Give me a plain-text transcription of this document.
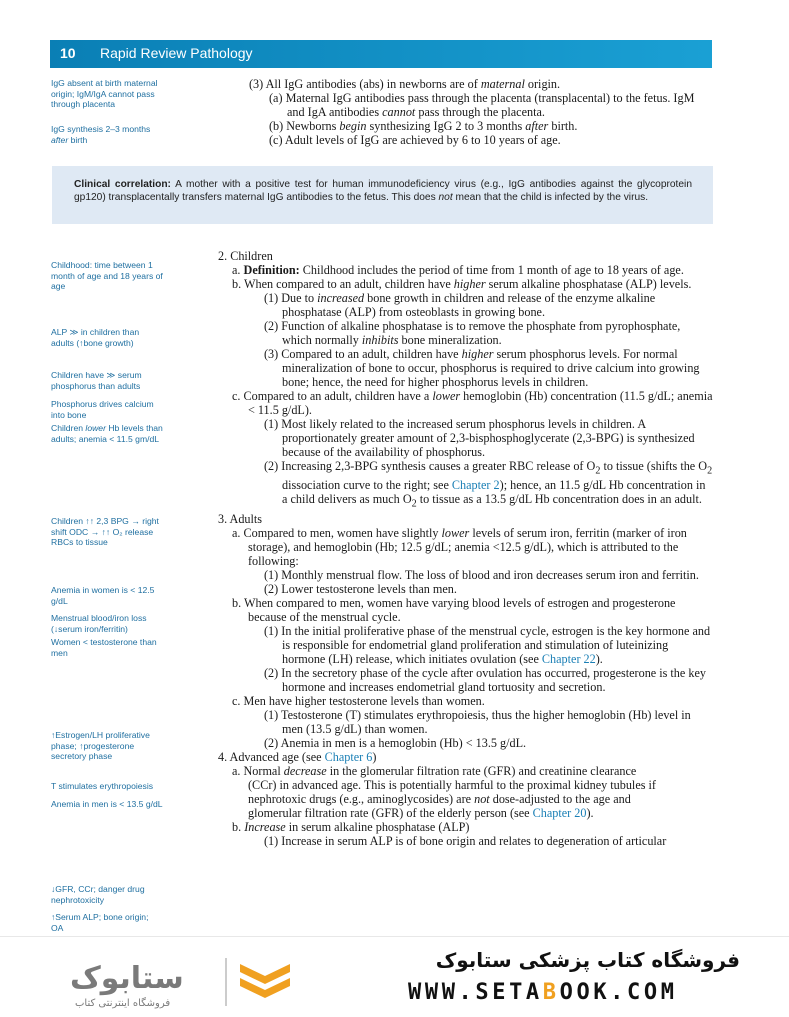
10 Rapid Review Pathology
IgG absent at birth maternal origin; IgM/IgA cannot pass through placenta
IgG synthesis 2–3 months after birth
Childhood: time between 1 month of age and 18 years of age
ALP ≫ in children than adults (↑bone growth)
Children have ≫ serum phosphorus than adults
Phosphorus drives calcium into bone
Children lower Hb levels than adults; anemia < 11.5 gm/dL
Children ↑↑ 2,3 BPG → right shift ODC → ↑↑ O₂ release RBCs to tissue
Anemia in women is < 12.5 g/dL
Menstrual blood/iron loss (↓serum iron/ferritin)
Women < testosterone than men
↑Estrogen/LH proliferative phase; ↑progesterone secretory phase
T stimulates erythropoiesis
Anemia in men is < 13.5 g/dL
↓GFR, CCr; danger drug nephrotoxicity
↑Serum ALP; bone origin; OA
(3) All IgG antibodies (abs) in newborns are of maternal origin.
(a) Maternal IgG antibodies pass through the placenta (transplacental) to the fetus. IgM and IgA antibodies cannot pass through the placenta.
(b) Newborns begin synthesizing IgG 2 to 3 months after birth.
(c) Adult levels of IgG are achieved by 6 to 10 years of age.
Clinical correlation: A mother with a positive test for human immunodeficiency virus (e.g., IgG antibodies against the glycoprotein gp120) transplacentally transfers maternal IgG antibodies to the fetus. This does not mean that the child is infected by the virus.
2. Children
a. Definition: Childhood includes the period of time from 1 month of age to 18 years of age.
b. When compared to an adult, children have higher serum alkaline phosphatase (ALP) levels.
(1) Due to increased bone growth in children and release of the enzyme alkaline phosphatase (ALP) from osteoblasts in growing bone.
(2) Function of alkaline phosphatase is to remove the phosphate from pyrophosphate, which normally inhibits bone mineralization.
(3) Compared to an adult, children have higher serum phosphorus levels. For normal mineralization of bone to occur, phosphorus is required to drive calcium into growing bone; hence, the need for higher phosphorus levels in children.
c. Compared to an adult, children have a lower hemoglobin (Hb) concentration (11.5 g/dL; anemia < 11.5 g/dL).
(1) Most likely related to the increased serum phosphorus levels in children. A proportionately greater amount of 2,3-bisphosphoglycerate (2,3-BPG) is synthesized because of the availability of phosphorus.
(2) Increasing 2,3-BPG synthesis causes a greater RBC release of $O_2$ to tissue (shifts the $O_2$ dissociation curve to the right; see Chapter 2); hence, an 11.5 g/dL Hb concentration in a child delivers as much $O_2$ to tissue as a 13.5 g/dL Hb concentration does in an adult.
3. Adults
a. Compared to men, women have slightly lower levels of serum iron, ferritin (marker of iron storage), and hemoglobin (Hb; 12.5 g/dL; anemia <12.5 g/dL), which is attributed to the following:
(1) Monthly menstrual flow. The loss of blood and iron decreases serum iron and ferritin.
(2) Lower testosterone levels than men.
b. When compared to men, women have varying blood levels of estrogen and progesterone because of the menstrual cycle.
(1) In the initial proliferative phase of the menstrual cycle, estrogen is the key hormone and is responsible for endometrial gland proliferation and stimulation of luteinizing hormone (LH) release, which initiates ovulation (see Chapter 22).
(2) In the secretory phase of the cycle after ovulation has occurred, progesterone is the key hormone and increases endometrial gland tortuosity and secretion.
c. Men have higher testosterone levels than women.
(1) Testosterone (T) stimulates erythropoiesis, thus the higher hemoglobin (Hb) level in men (13.5 g/dL) than women.
(2) Anemia in men is a hemoglobin (Hb) < 13.5 g/dL.
4. Advanced age (see Chapter 6)
a. Normal decrease in the glomerular filtration rate (GFR) and creatinine clearance (CCr) in advanced age. This is potentially harmful to the proximal kidney tubules if nephrotoxic drugs (e.g., aminoglycosides) are not dose-adjusted to the age and glomerular filtration rate (GFR) of the elderly person (see Chapter 20).
b. Increase in serum alkaline phosphatase (ALP)
(1) Increase in serum ALP is of bone origin and relates to degeneration of articular
ستابوک
فروشگاه اینترنتی کتاب
فروشگاه کتاب پزشکی ستابوک
WWW.SETABOOK.COM
